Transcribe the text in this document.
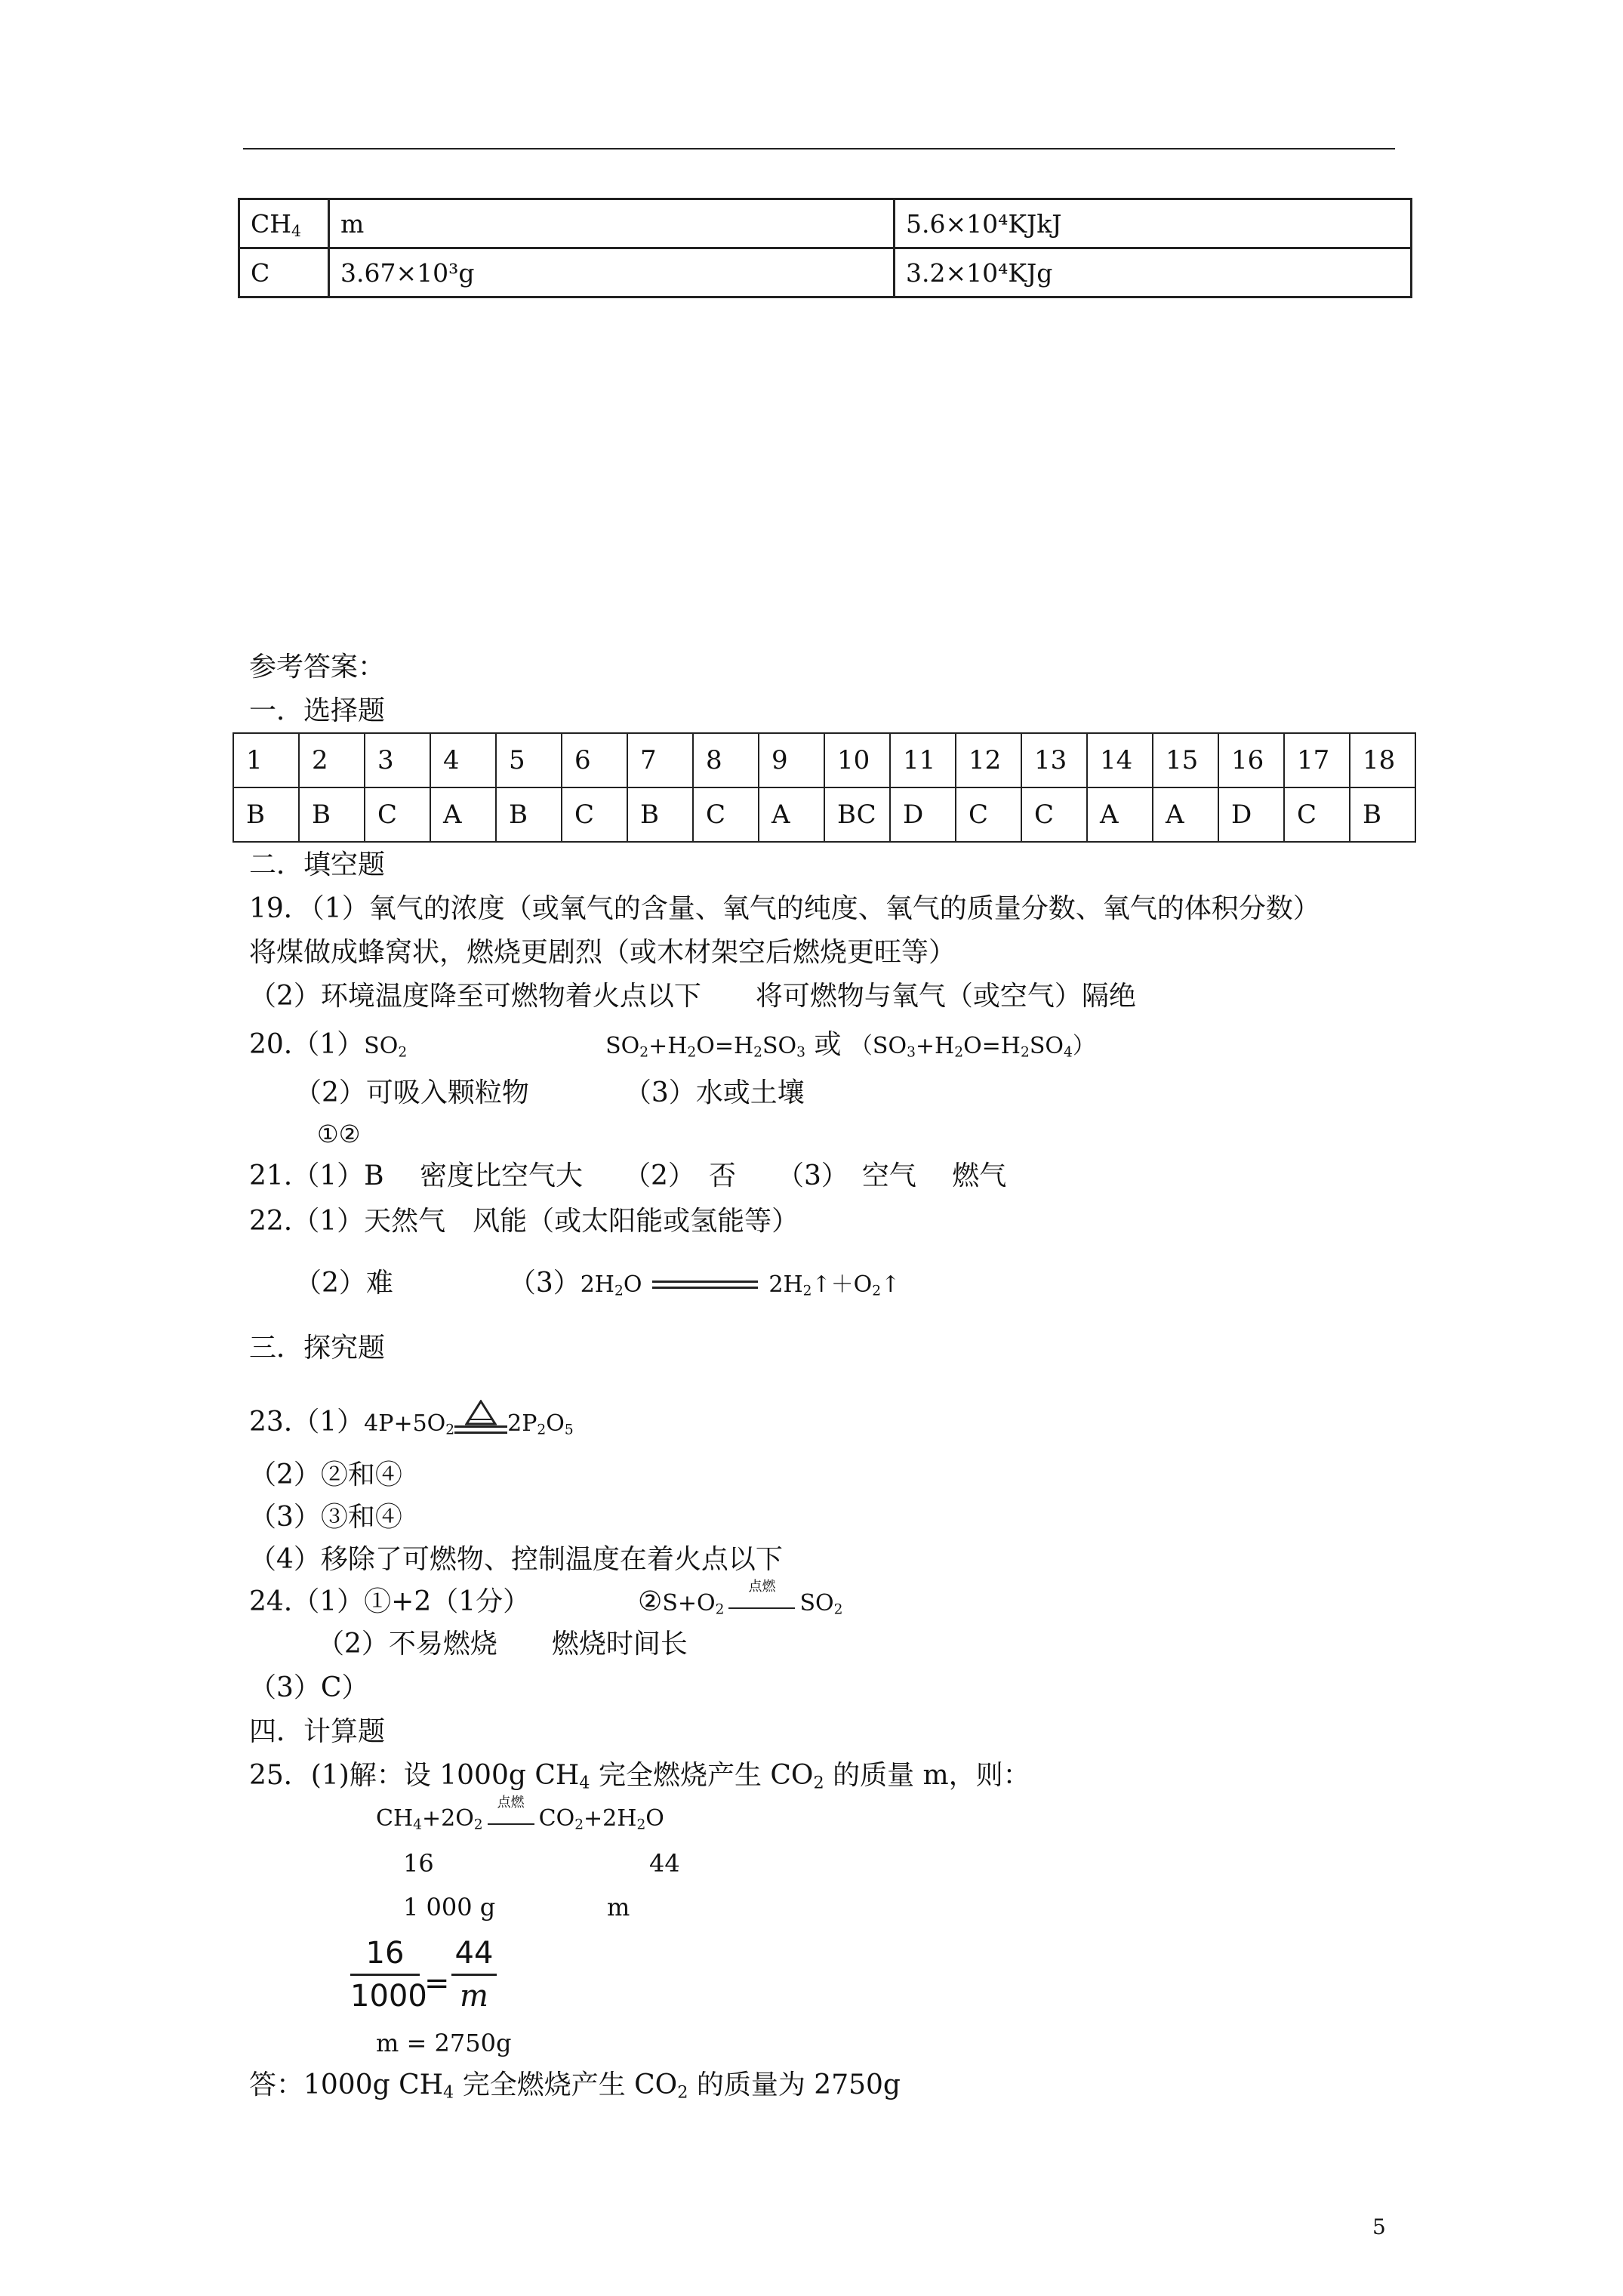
$CH_4$	m	5.6×10⁴KJkJ
C	3.67×10³g	3.2×10⁴KJg
参考答案：
一．选择题
1	2	3	4	5	6	7	8	9	10	11	12	13	14	15	16	17	18
B	B	C	A	B	C	B	C	A	BC	D	C	C	A	A	D	C	B
二．填空题
19．（1）氧气的浓度（或氧气的含量、氧气的纯度、氧气的质量分数、氧气的体积分数）
将煤做成蜂窝状，燃烧更剧烈（或木材架空后燃烧更旺等）
（2）环境温度降至可燃物着火点以下　　将可燃物与氧气（或空气）隔绝
$20.(1)SO_2$	$SO_2+H_2O=H_2SO_3$ 或 $(SO_3+H_2O=H_2SO_4)$
（2）可吸入颗粒物　　　　（3）水或土壤
①②
21.（1）B　 密度比空气大　　（2）　否　　（3）　空气　 燃气
22.（1）天然气　风能（或太阳能或氢能等）
（2）难	$(3)2H_2O$	$2H_2↑+O_2↑$
三．探究题
$23.(1)4P+5O_2$ $2P_2O_5$
（2）②和④
（3）③和④
（4）移除了可燃物、控制温度在着火点以下
24.（1）①+2（1分）	$②S+O_2$
点燃
$SO_2$
（2）不易燃烧　　燃烧时间长
（3）C）
四．计算题
25．(1)解：设 1000g $CH_4$ 完全燃烧产生 $CO_2$ 的质量 m，则：
$CH_4+2O_2$
点燃
$CO_2+2H_2O$
16	44
1 000 g	m
16
1000
=
44
m
m = 2750g
答：1000g $CH_4$ 完全燃烧产生 $CO_2$ 的质量为 2750g
5
